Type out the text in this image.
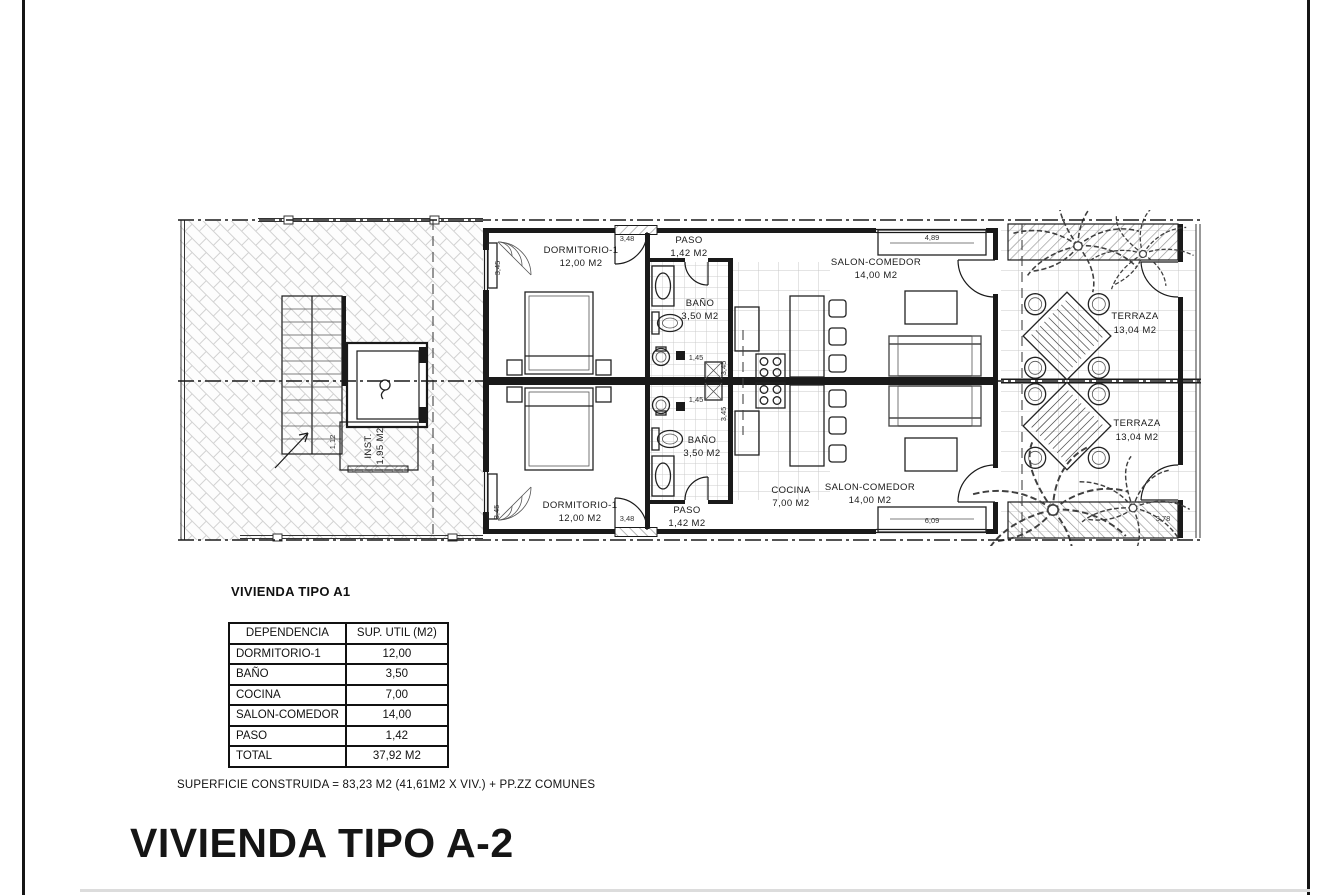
DORMITORIO-1
12,00 M2
PASO
1,42 M2
BAÑO
3,50 M2
SALON-COMEDOR
14,00 M2
TERRAZA
13,04 M2
DORMITORIO-1
12,00 M2
PASO
1,42 M2
BAÑO
3,50 M2
COCINA
7,00 M2
SALON-COMEDOR
14,00 M2
TERRAZA
13,04 M2
INST. 1,95 M2
3,45
3,45
3,48
3,48
1,45
1,45
3,45
3,45
1,12
4,89
6,09	3,78
VIVIENDA TIPO A1
DEPENDENCIA	SUP. UTIL (M2)
DORMITORIO-1	12,00
BAÑO	3,50
COCINA	7,00
SALON-COMEDOR	14,00
PASO	1,42
TOTAL	37,92 M2
SUPERFICIE CONSTRUIDA = 83,23 M2 (41,61M2 X VIV.) + PP.ZZ COMUNES
VIVIENDA TIPO A-2
